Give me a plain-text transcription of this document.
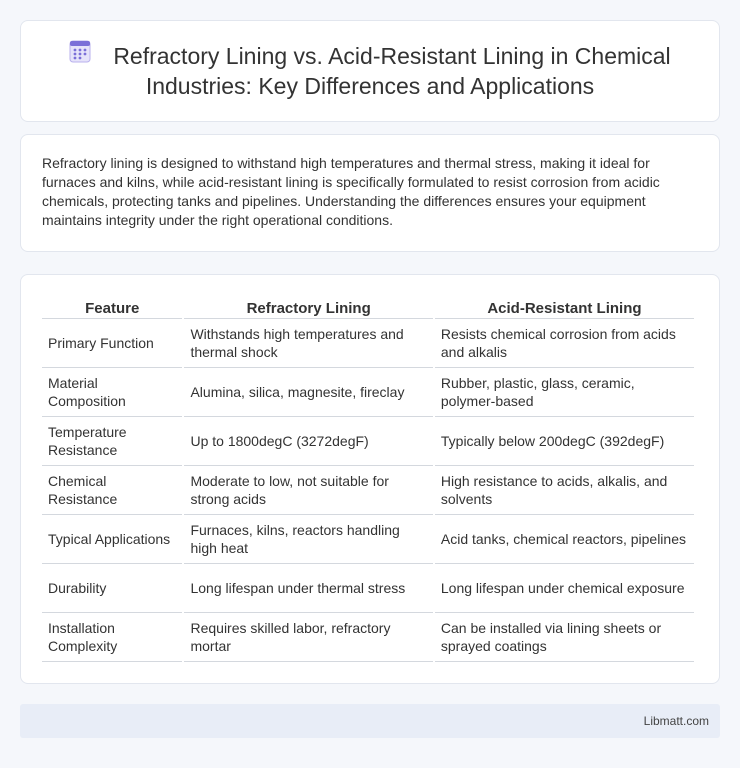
Refractory Lining vs. Acid-Resistant Lining in Chemical Industries: Key Differences and Applications

Refractory lining is designed to withstand high temperatures and thermal stress, making it ideal for furnaces and kilns, while acid-resistant lining is specifically formulated to resist corrosion from acidic chemicals, protecting tanks and pipelines. Understanding the differences ensures your equipment maintains integrity under the right operational conditions.

Feature	Refractory Lining	Acid-Resistant Lining
Primary Function	Withstands high temperatures and thermal shock	Resists chemical corrosion from acids and alkalis
Material Composition	Alumina, silica, magnesite, fireclay	Rubber, plastic, glass, ceramic, polymer-based
Temperature Resistance	Up to 1800degC (3272degF)	Typically below 200degC (392degF)
Chemical Resistance	Moderate to low, not suitable for strong acids	High resistance to acids, alkalis, and solvents
Typical Applications	Furnaces, kilns, reactors handling high heat	Acid tanks, chemical reactors, pipelines
Durability	Long lifespan under thermal stress	Long lifespan under chemical exposure
Installation Complexity	Requires skilled labor, refractory mortar	Can be installed via lining sheets or sprayed coatings
Libmatt.com
